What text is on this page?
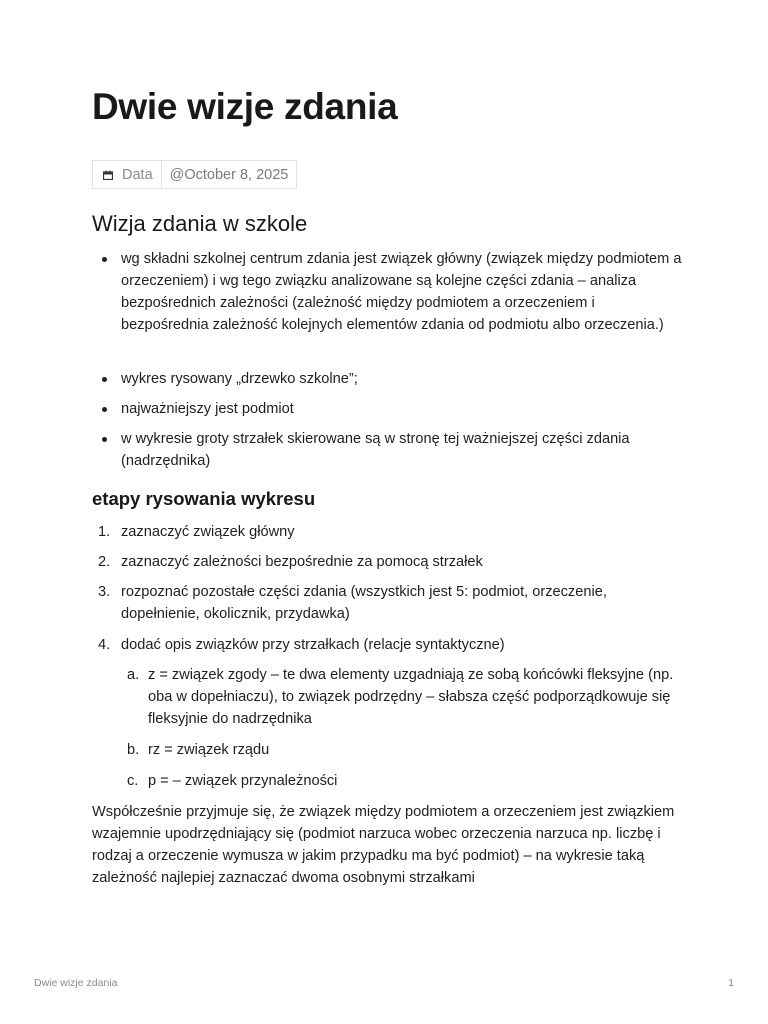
Dwie wizje zdania
Data @October 8, 2025
Wizja zdania w szkole
wg składni szkolnej centrum zdania jest związek główny (związek między podmiotem a orzeczeniem) i wg tego związku analizowane są kolejne części zdania – analiza bezpośrednich zależności (zależność między podmiotem a orzeczeniem i bezpośrednia zależność kolejnych elementów zdania od podmiotu albo orzeczenia.)
wykres rysowany „drzewko szkolne”;
najważniejszy jest podmiot
w wykresie groty strzałek skierowane są w stronę tej ważniejszej części zdania (nadrzędnika)
etapy rysowania wykresu
1. zaznaczyć związek główny
2. zaznaczyć zależności bezpośrednie za pomocą strzałek
3. rozpoznać pozostałe części zdania (wszystkich jest 5: podmiot, orzeczenie, dopełnienie, okolicznik, przydawka)
4. dodać opis związków przy strzałkach (relacje syntaktyczne)
a. z = związek zgody – te dwa elementy uzgadniają ze sobą końcówki fleksyjne (np. oba w dopełniaczu), to związek podrzędny – słabsza część podporządkowuje się fleksyjnie do nadrzędnika
b. rz = związek rządu
c. p = – związek przynależności
Współcześnie przyjmuje się, że związek między podmiotem a orzeczeniem jest związkiem wzajemnie upodrzędniający się (podmiot narzuca wobec orzeczenia narzuca np. liczbę i rodzaj a orzeczenie wymusza w jakim przypadku ma być podmiot) – na wykresie taką zależność najlepiej zaznaczać dwoma osobnymi strzałkami
Dwie wizje zdania	1
